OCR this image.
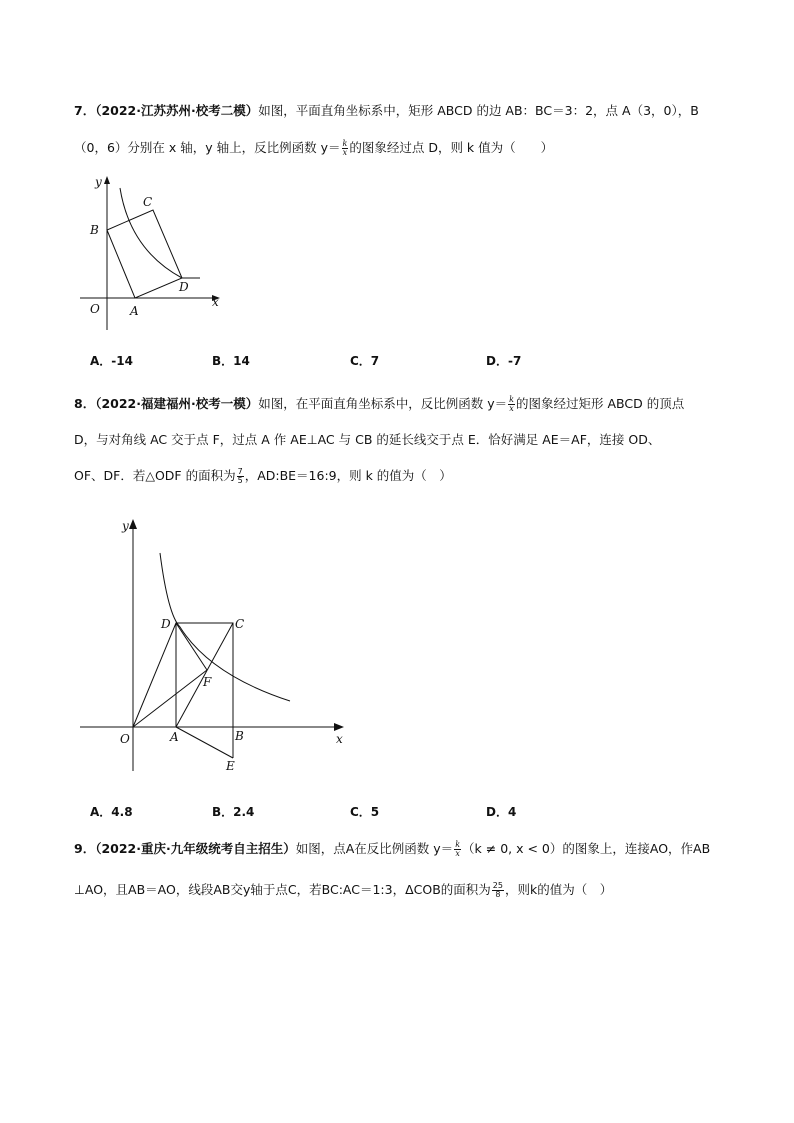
7．（2022·江苏苏州·校考二模）如图，平面直角坐标系中，矩形 ABCD 的边 AB：BC＝3：2，点 A（3，0），B
（0，6）分别在 x 轴，y 轴上，反比例函数 $y= \frac{k}{x}$ 的图象经过点 D，则 k 值为（　　）
y
x
O	A
B
C
D
A．-14	B．14	C．7	D．-7
8．（2022·福建福州·校考一模）如图，在平面直角坐标系中，反比例函数 $y= \frac{k}{x}$ 的图象经过矩形 ABCD 的顶点
D，与对角线 AC 交于点 F，过点 A 作 AE⊥AC 与 CB 的延长线交于点 E．恰好满足 AE＝AF，连接 OD、
OF、DF．若△ODF 的面积为 $\frac{7}{5}$ ，AD:BE＝16:9，则 k 的值为（　）
y
x
O	A	B
C
D
E
F
A．4.8	B．2.4	C．5	D．4
9．（2022·重庆·九年级统考自主招生）如图，点A在反比例函数 $y= \frac{k}{x} (k \ne 0$, x < 0）的图象上，连接AO，作AB
⊥AO，且AB＝AO，线段AB交y轴于点C，若BC:AC＝1:3，ΔCOB的面积为 $\frac{25}{8}$ ，则k的值为（　）
